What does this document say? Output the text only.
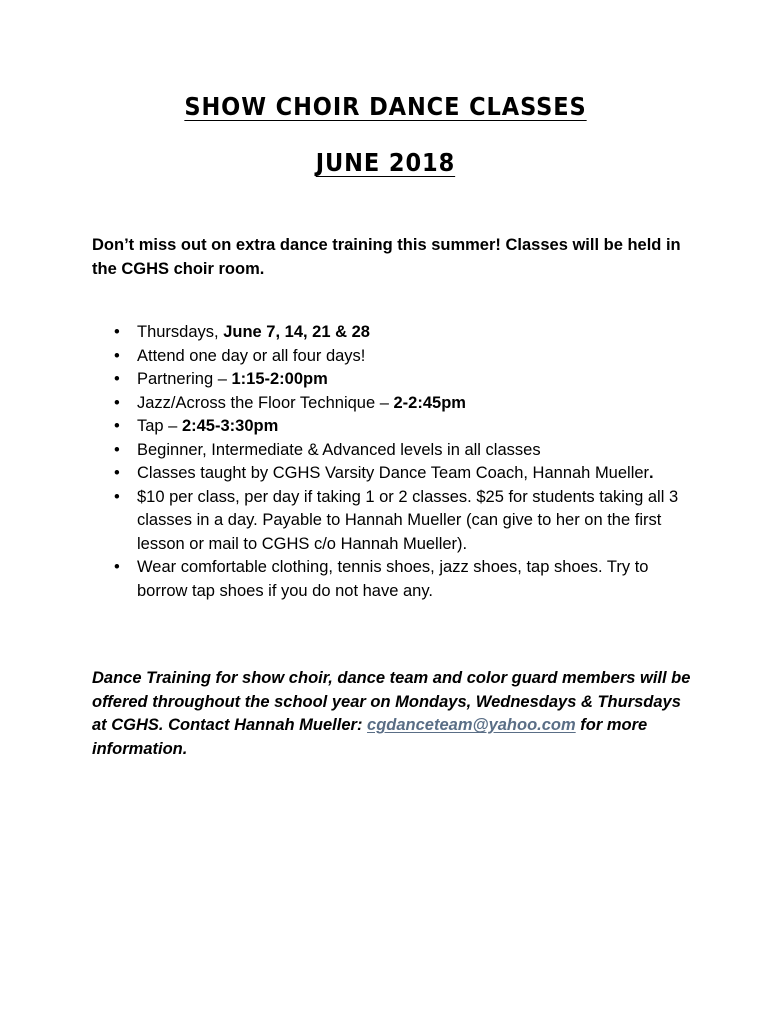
SHOW CHOIR DANCE CLASSES
JUNE 2018

Don’t miss out on extra dance training this summer! Classes will be held in the CGHS choir room.

• Thursdays, June 7, 14, 21 & 28
• Attend one day or all four days!
• Partnering – 1:15-2:00pm
• Jazz/Across the Floor Technique – 2-2:45pm
• Tap – 2:45-3:30pm
• Beginner, Intermediate & Advanced levels in all classes
• Classes taught by CGHS Varsity Dance Team Coach, Hannah Mueller.
• $10 per class, per day if taking 1 or 2 classes. $25 for students taking all 3 classes in a day. Payable to Hannah Mueller (can give to her on the first lesson or mail to CGHS c/o Hannah Mueller).
• Wear comfortable clothing, tennis shoes, jazz shoes, tap shoes. Try to borrow tap shoes if you do not have any.

Dance Training for show choir, dance team and color guard members will be offered throughout the school year on Mondays, Wednesdays & Thursdays at CGHS. Contact Hannah Mueller: cgdanceteam@yahoo.com for more information.
